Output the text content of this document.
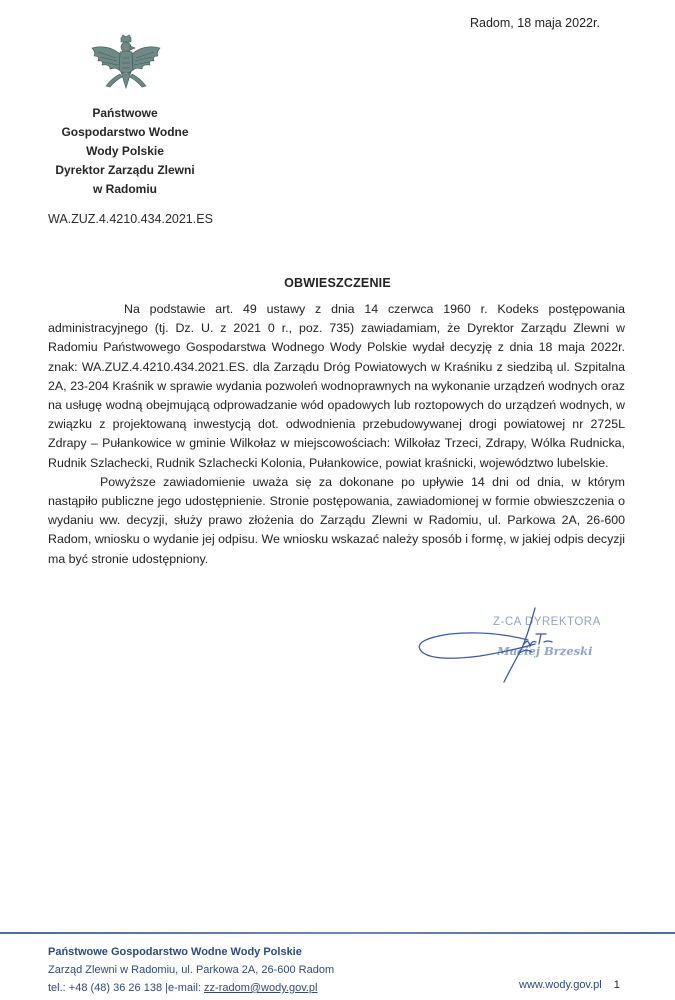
Radom, 18 maja 2022r.
Państwowe
Gospodarstwo Wodne
Wody Polskie
Dyrektor Zarządu Zlewni
w Radomiu
WA.ZUZ.4.4210.434.2021.ES
OBWIESZCZENIE

Na podstawie art. 49 ustawy z dnia 14 czerwca 1960 r. Kodeks postępowania administracyjnego (tj. Dz. U. z 2021 0 r., poz. 735) zawiadamiam, że Dyrektor Zarządu Zlewni w Radomiu Państwowego Gospodarstwa Wodnego Wody Polskie wydał decyzję z dnia 18 maja 2022r. znak: WA.ZUZ.4.4210.434.2021.ES. dla Zarządu Dróg Powiatowych w Kraśniku z siedzibą ul. Szpitalna 2A, 23-204 Kraśnik w sprawie wydania pozwoleń wodnoprawnych na wykonanie urządzeń wodnych oraz na usługę wodną obejmującą odprowadzanie wód opadowych lub roztopowych do urządzeń wodnych, w związku z projektowaną inwestycją dot. odwodnienia przebudowywanej drogi powiatowej nr 2725L Zdrapy – Pułankowice w gminie Wilkołaz w miejscowościach: Wilkołaz Trzeci, Zdrapy, Wólka Rudnicka, Rudnik Szlachecki, Rudnik Szlachecki Kolonia, Pułankowice, powiat kraśnicki, województwo lubelskie.

Powyższe zawiadomienie uważa się za dokonane po upływie 14 dni od dnia, w którym nastąpiło publiczne jego udostępnienie. Stronie postępowania, zawiadomionej w formie obwieszczenia o wydaniu ww. decyzji, służy prawo złożenia do Zarządu Zlewni w Radomiu, ul. Parkowa 2A, 26-600 Radom, wniosku o wydanie jej odpisu. We wniosku wskazać należy sposób i formę, w jakiej odpis decyzji ma być stronie udostępniony.

Z-CA DYREKTORA
Maciej Brzeski
Państwowe Gospodarstwo Wodne Wody Polskie
Zarząd Zlewni w Radomiu, ul. Parkowa 2A, 26-600 Radom
tel.: +48 (48) 36 26 138 |e-mail: zz-radom@wody.gov.pl	www.wody.gov.pl 1
